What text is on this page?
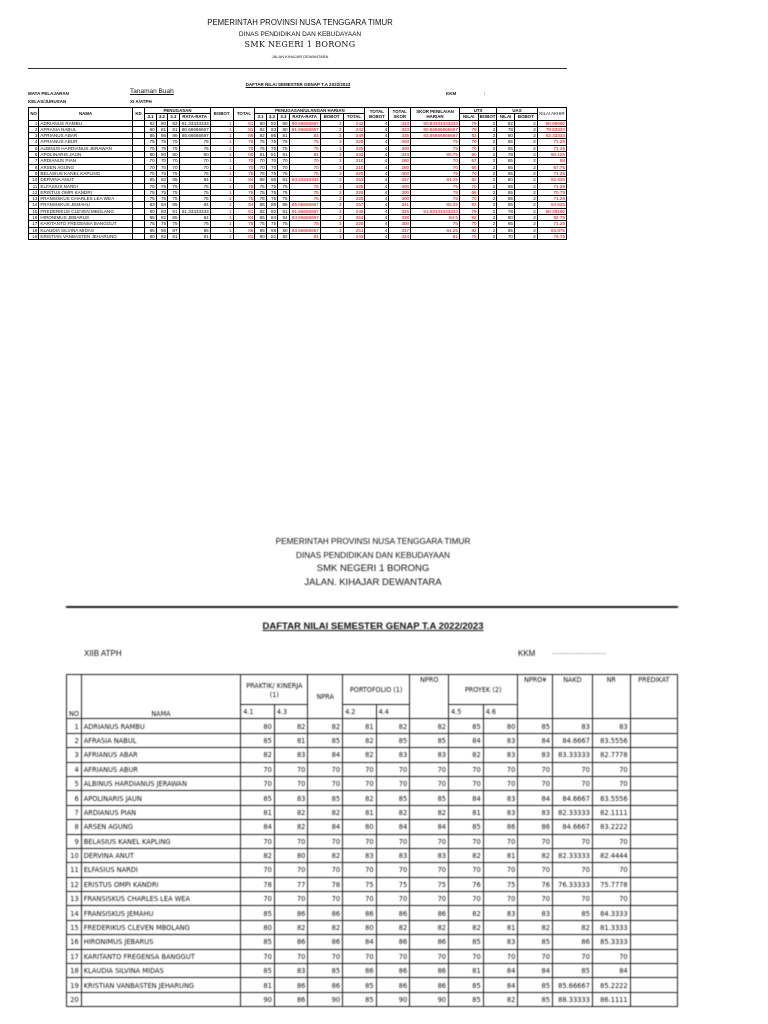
PEMERINTAH PROVINSI NUSA TENGGARA TIMUR
DINAS PENDIDIKAN DAN KEBUDAYAAN
SMK NEGERI 1 BORONG
JALAN KIHAJAR DEWANTARA
DAFTAR NILAI SEMESTER GENAP T.A 2022/2023
MATA PELAJARAN	Tanaman Buah	KKM	:
KELAS/JURUSAN	XI A/ATPH
NO	NAMA	KD	PENUGASAN				BOBOT	TOTAL	PENUGASAN/ULANGAN HARIAN						TOTAL BOBOT	TOTAL SKOR	SKOR PENILAIAN HARIAN	UTS		UAS		NILAI AKHIR
			3.1	3.2	3.3	RATA-RATA			3.1	3.2	3.3	RATA-RATA	BOBOT	TOTAL				NILAI	BOBOT	NILAI	BOBOT	
1	ADRIANUS RAMBU		82	80	82	81.33333333	1	81	80	82	80	80.66666667	3	242	4	323	80.83333333333	79	2	82	2	80.66666
2	AFRASIA NABUL		80	81	81	80.66666667	1	81	82	83	80	81.66666667	3	242	4	323	80.66666666667	79	2	78	2	79.83333
3	AFRIANUS ABAR		85	86	86	85.66666667	1	86	82	86	81	83	3	249	4	335	83.66666666667	82	2	80	2	82.33333
4	AFRIANUS ABUR		75	75	75	75	1	75	75	75	75	75	3	225	4	300	75	70	2	65	2	71.25
5	ALBINUS HARDIANUS JERAWAN		75	75	75	75	1	75	75	75	75	75	3	225	4	300	75	70	2	65	2	71.25
6	APOLINARIS JAUN		80	80	80	80	1	80	81	81	81	81	3	243	4	323	80.75	80	2	79	2	80.125
7	ARDIANUS PIAN		70	70	70	70	1	70	70	70	70	70	3	210	4	280	70	67	2	65	2	68
8	ARSEN AGUNG		70	70	70	70	1	70	70	70	70	70	3	210	4	280	70	66	2	65	2	67.75
9	BELASIUS KANEL KAPLING		75	75	75	75	1	75	75	75	75	75	3	225	4	300	75	70	2	65	2	71.25
10	DERVINA ANUT		85	82	85	84	1	84	88	86	81	84.33333333	3	253	4	337	84.25	82	2	80	2	82.625
11	ELFASIUS NARDI		75	75	75	75	1	75	75	75	75	75	3	225	4	300	75	70	2	65	2	71.25
12	ERISTUS OMPI KANDRI		75	75	75	75	1	75	75	75	75	75	3	225	4	300	75	68	2	65	2	70.75
13	FRANSISKUS CHARLES LEA WEA		75	75	75	75	1	75	75	75	75	75	3	225	4	300	75	70	2	65	2	71.25
14	FRANSISKUS JEMAHU		83	84	85	84	1	84	86	86	85	85.66666667	3	257	4	341	85.25	83	2	85	2	84.625
15	FREDERIKUS CLEVEN MBOLANG		80	83	81	81.33333333	1	81	82	82	81	81.66666667	3	245	4	326	81.58333333333	79	2	78	2	80.29166
16	HIRONIMUS JEBARUS		85	82	85	84	1	84	85	84	84	84.66666667	3	254	4	338	84.5	82	2	80	2	82.75
17	KARITANTO FREGENSA BANGGUT		75	75	75	75	1	75	75	75	75	75	3	225	4	300	75	70	2	65	2	71.25
18	KLAUDIA SILVINA MIDAS		85	86	87	86	1	86	85	86	80	83.66666667	3	251	4	337	84.25	82	2	85	2	83.875
19	KRISTIAN VANBASTEN JEHARUNG		80	82	81	81	1	81	80	81	82	81	3	243	4	324	81	75	2	70	2	76.75
PEMERINTAH PROVINSI NUSA TENGGARA TIMUR
DINAS PENDIDIKAN DAN KEBUDAYAAN
SMK NEGERI 1 BORONG
JALAN. KIHAJAR DEWANTARA
DAFTAR NILAI SEMESTER GENAP T.A 2022/2023
XIIB ATPH	KKM ............................
NO	NAMA	PRAKTIK/ KINERJA (1)		NPRA	PORTOFOLIO (1)		NPRO	PROYEK (2)		NPRO¥	NAKD	NR	PREDIKAT
		4.1	4.3		4.2	4.4		4.5	4.6				
1	ADRIANUS RAMBU	80	82	82	81	82	82	85	80	85	83	83	
2	AFRASIA NABUL	85	81	85	82	85	85	84	83	84	84.6667	83.5556	
3	AFRIANUS ABAR	82	83	84	82	83	83	82	83	83	83.33333	82.7778	
4	AFRIANUS ABUR	70	70	70	70	70	70	70	70	70	70	70	
5	ALBINUS HARDIANUS JERAWAN	70	70	70	70	70	70	70	70	70	70	70	
6	APOLINARIS JAUN	85	83	85	82	85	85	84	83	84	84.6667	83.5556	
7	ARDIANUS PIAN	81	82	82	81	82	82	81	83	83	82.33333	82.1111	
8	ARSEN AGUNG	84	82	84	80	84	84	85	86	86	84.6667	83.2222	
9	BELASIUS KANEL KAPLING	70	70	70	70	70	70	70	70	70	70	70	
10	DERVINA ANUT	82	80	82	83	83	83	82	81	82	82.33333	82.4444	
11	ELFASIUS NARDI	70	70	70	70	70	70	70	70	70	70	70	
12	ERISTUS OMPI KANDRI	78	77	78	75	75	75	76	75	76	76.33333	75.7778	
13	FRANSISKUS CHARLES LEA WEA	70	70	70	70	70	70	70	70	70	70	70	
14	FRANSISKUS JEMAHU	85	86	86	86	86	86	82	83	83	85	84.3333	
15	FREDERIKUS CLEVEN MBOLANG	80	82	82	80	82	82	82	81	82	82	81.3333	
16	HIRONIMUS JEBARUS	85	86	86	84	86	86	85	83	85	86	85.3333	
17	KARITANTO FREGENSA BANGGUT	70	70	70	70	70	70	70	70	70	70	70	
18	KLAUDIA SILVINA MIDAS	85	83	85	86	86	86	81	84	84	85	84	
19	KRISTIAN VANBASTEN JEHARUNG	81	86	86	85	86	86	85	84	85	85.66667	85.2222	
20		90	86	90	85	90	90	85	82	85	88.33333	86.1111	
